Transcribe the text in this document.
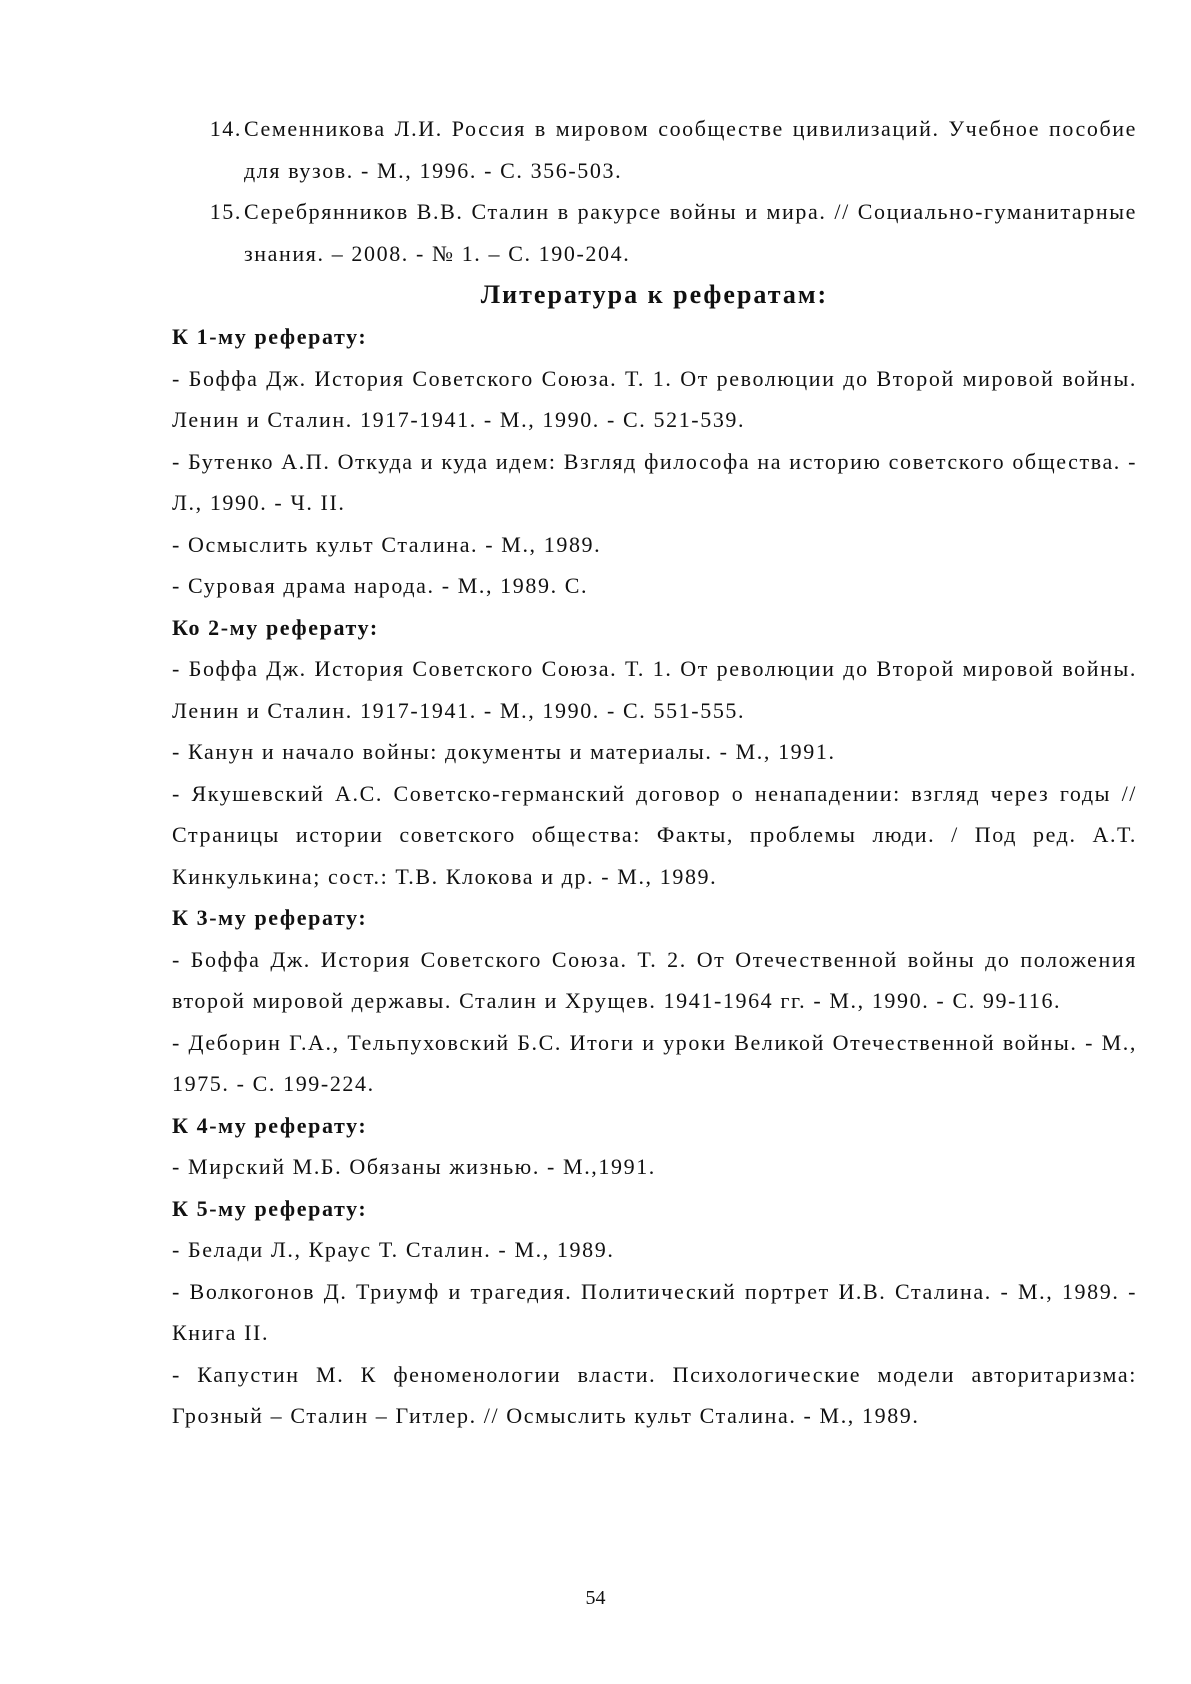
14. Семенникова Л.И. Россия в мировом сообществе цивилизаций. Учебное пособие для вузов. - М., 1996. - С. 356-503.
15. Серебрянников В.В. Сталин в ракурсе войны и мира. // Социально-гуманитарные знания. – 2008. - № 1. – С. 190-204.

Литература к рефератам:

К 1-му реферату:

- Боффа Дж. История Советского Союза. Т. 1. От революции до Второй мировой войны. Ленин и Сталин. 1917-1941. - М., 1990. - С. 521-539.

- Бутенко А.П. Откуда и куда идем: Взгляд философа на историю советского общества. - Л., 1990. - Ч. II.

- Осмыслить культ Сталина. - М., 1989.

- Суровая драма народа. - М., 1989. С.

Ко 2-му реферату:

- Боффа Дж. История Советского Союза. Т. 1. От революции до Второй мировой войны. Ленин и Сталин. 1917-1941. - М., 1990. - С. 551-555.

- Канун и начало войны: документы и материалы. - М., 1991.

- Якушевский А.С. Советско-германский договор о ненападении: взгляд через годы // Страницы истории советского общества: Факты, проблемы люди. / Под ред. А.Т. Кинкулькина; сост.: Т.В. Клокова и др. - М., 1989.

К 3-му реферату:

- Боффа Дж. История Советского Союза. Т. 2. От Отечественной войны до положения второй мировой державы. Сталин и Хрущев. 1941-1964 гг. - М., 1990. - С. 99-116.

- Деборин Г.А., Тельпуховский Б.С. Итоги и уроки Великой Отечественной войны. - М., 1975. - С. 199-224.

К 4-му реферату:

- Мирский М.Б. Обязаны жизнью. - М.,1991.

К 5-му реферату:

- Белади Л., Краус Т. Сталин. - М., 1989.

- Волкогонов Д. Триумф и трагедия. Политический портрет И.В. Сталина. - М., 1989. - Книга II.

- Капустин М. К феноменологии власти. Психологические модели авторитаризма: Грозный – Сталин – Гитлер. // Осмыслить культ Сталина. - М., 1989.

54
